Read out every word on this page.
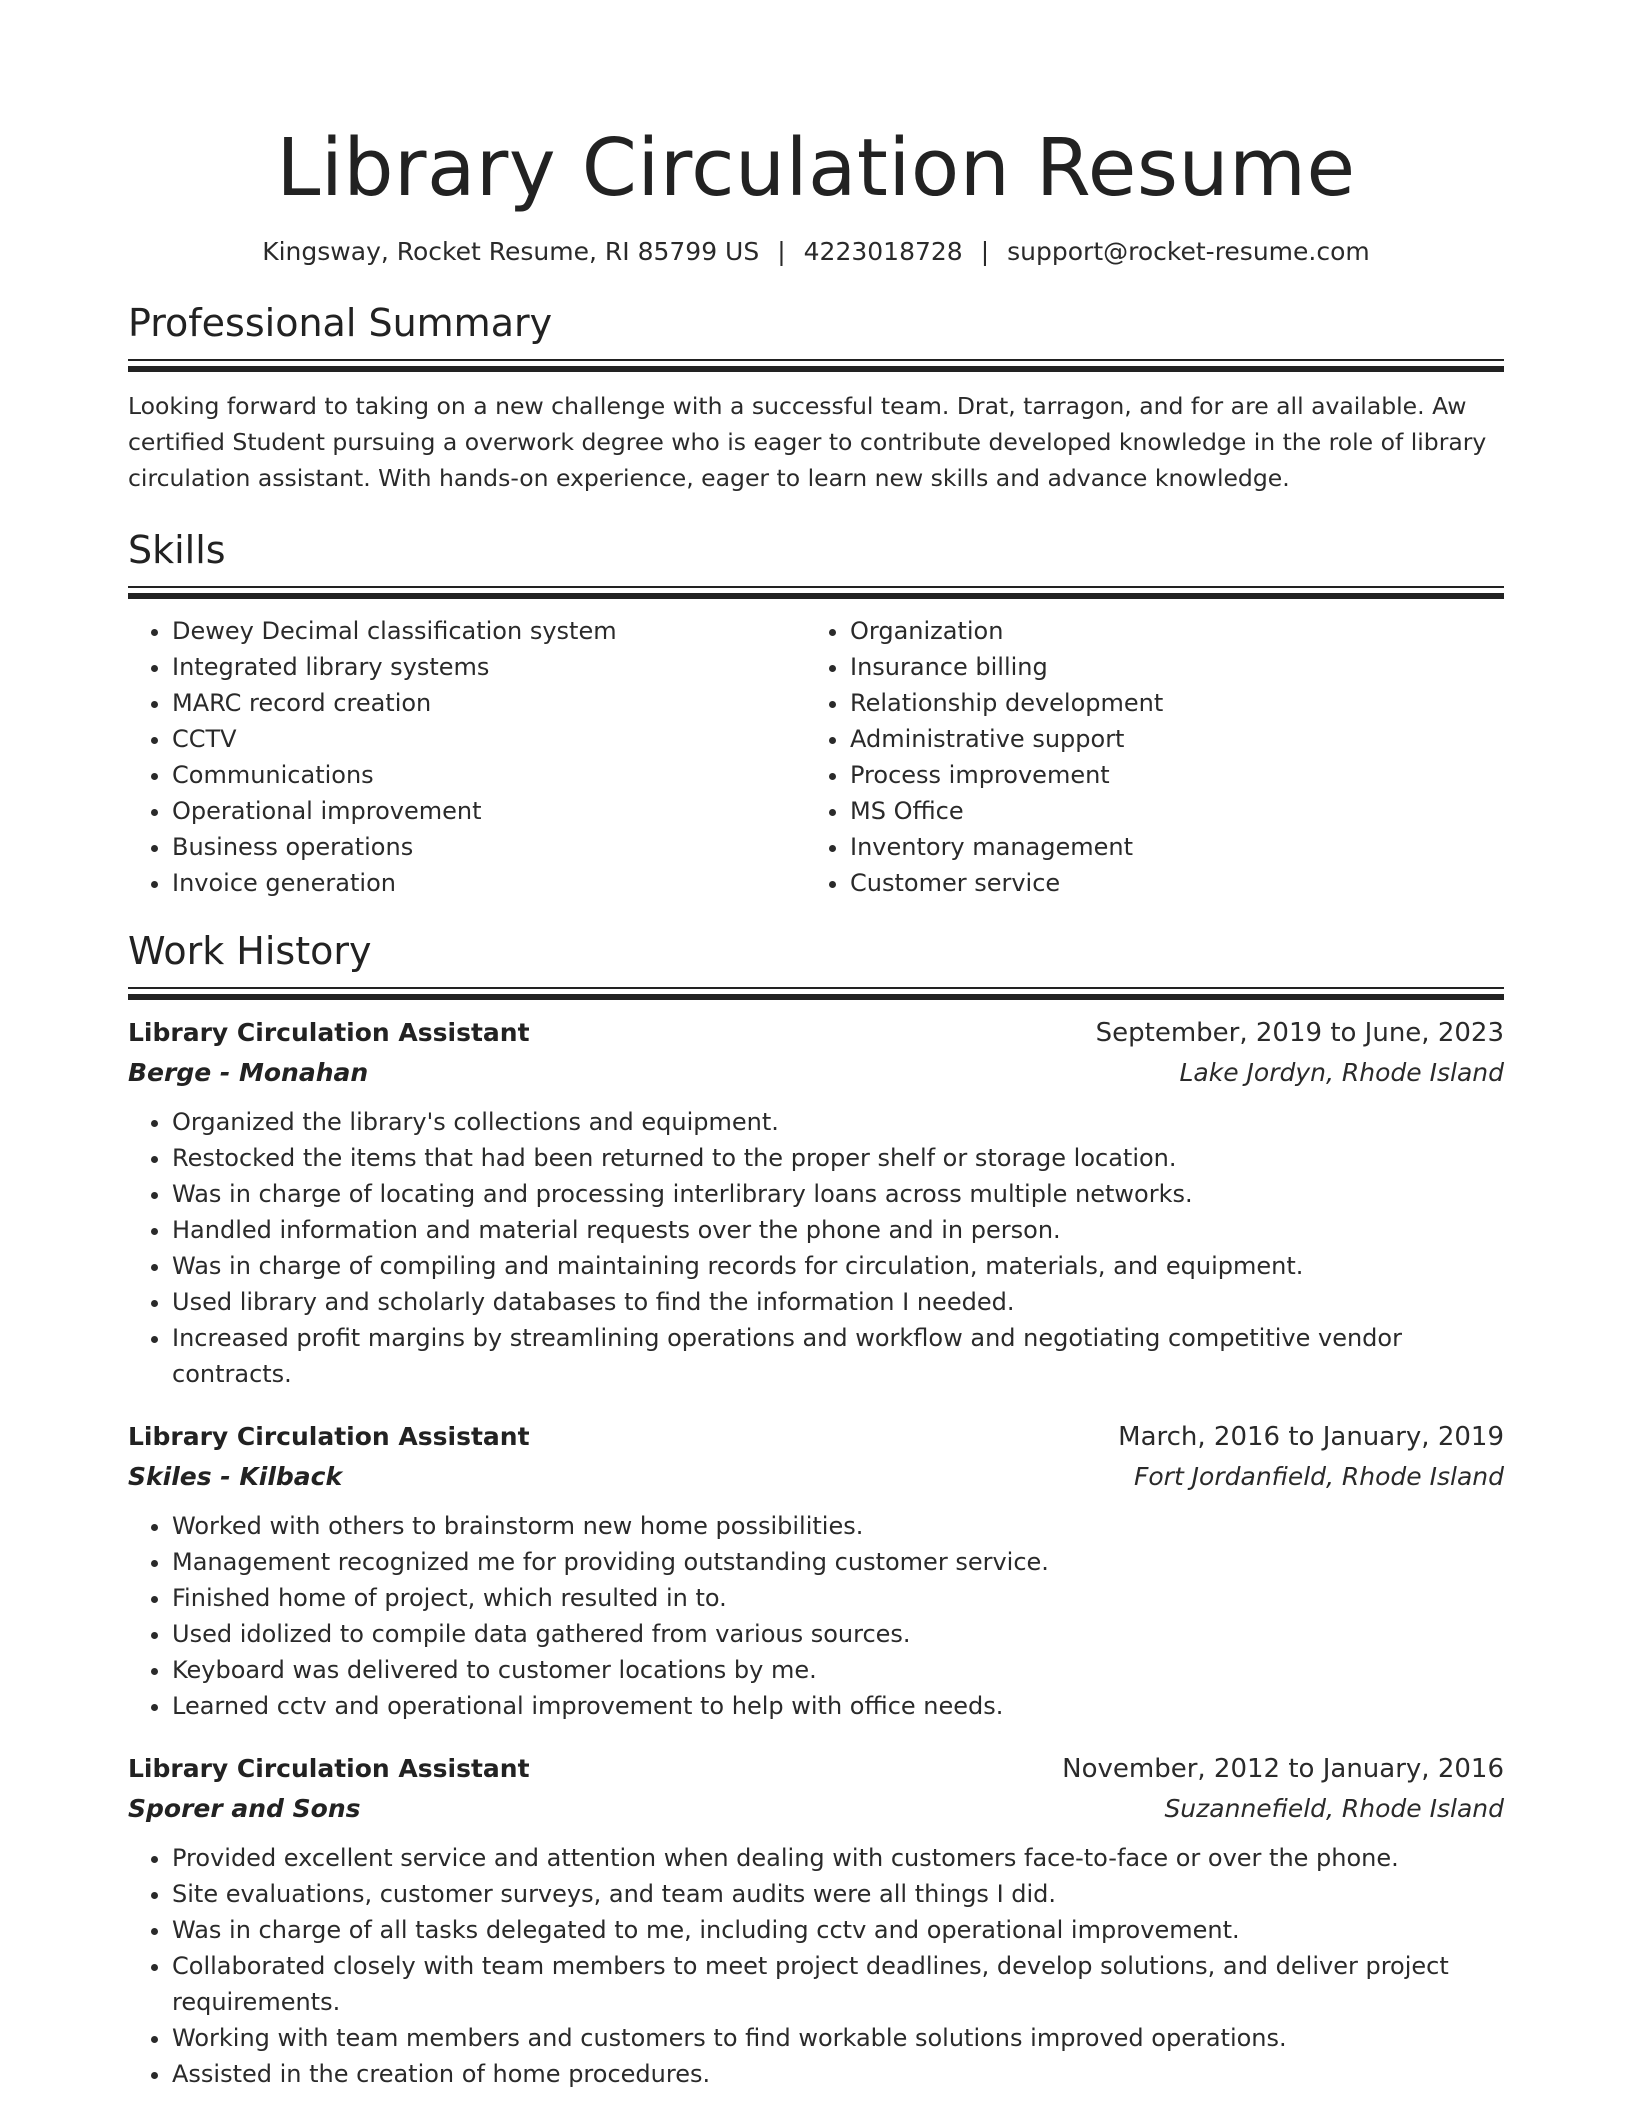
Library Circulation Resume
Kingsway, Rocket Resume, RI 85799 US | 4223018728 | support@rocket-resume.com
Professional Summary

Looking forward to taking on a new challenge with a successful team. Drat, tarragon, and for are all available. Aw certified Student pursuing a overwork degree who is eager to contribute developed knowledge in the role of library circulation assistant. With hands-on experience, eager to learn new skills and advance knowledge.

Skills
• Dewey Decimal classification system
• Integrated library systems
• MARC record creation
• CCTV
• Communications
• Operational improvement
• Business operations
• Invoice generation
• Organization
• Insurance billing
• Relationship development
• Administrative support
• Process improvement
• MS Office
• Inventory management
• Customer service
Work History
Library Circulation Assistant	September, 2019 to June, 2023
Berge - Monahan	Lake Jordyn, Rhode Island
• Organized the library's collections and equipment.
• Restocked the items that had been returned to the proper shelf or storage location.
• Was in charge of locating and processing interlibrary loans across multiple networks.
• Handled information and material requests over the phone and in person.
• Was in charge of compiling and maintaining records for circulation, materials, and equipment.
• Used library and scholarly databases to find the information I needed.
• Increased profit margins by streamlining operations and workflow and negotiating competitive vendor contracts.
Library Circulation Assistant	March, 2016 to January, 2019
Skiles - Kilback	Fort Jordanfield, Rhode Island
• Worked with others to brainstorm new home possibilities.
• Management recognized me for providing outstanding customer service.
• Finished home of project, which resulted in to.
• Used idolized to compile data gathered from various sources.
• Keyboard was delivered to customer locations by me.
• Learned cctv and operational improvement to help with office needs.
Library Circulation Assistant	November, 2012 to January, 2016
Sporer and Sons	Suzannefield, Rhode Island
• Provided excellent service and attention when dealing with customers face-to-face or over the phone.
• Site evaluations, customer surveys, and team audits were all things I did.
• Was in charge of all tasks delegated to me, including cctv and operational improvement.
• Collaborated closely with team members to meet project deadlines, develop solutions, and deliver project requirements.
• Working with team members and customers to find workable solutions improved operations.
• Assisted in the creation of home procedures.
